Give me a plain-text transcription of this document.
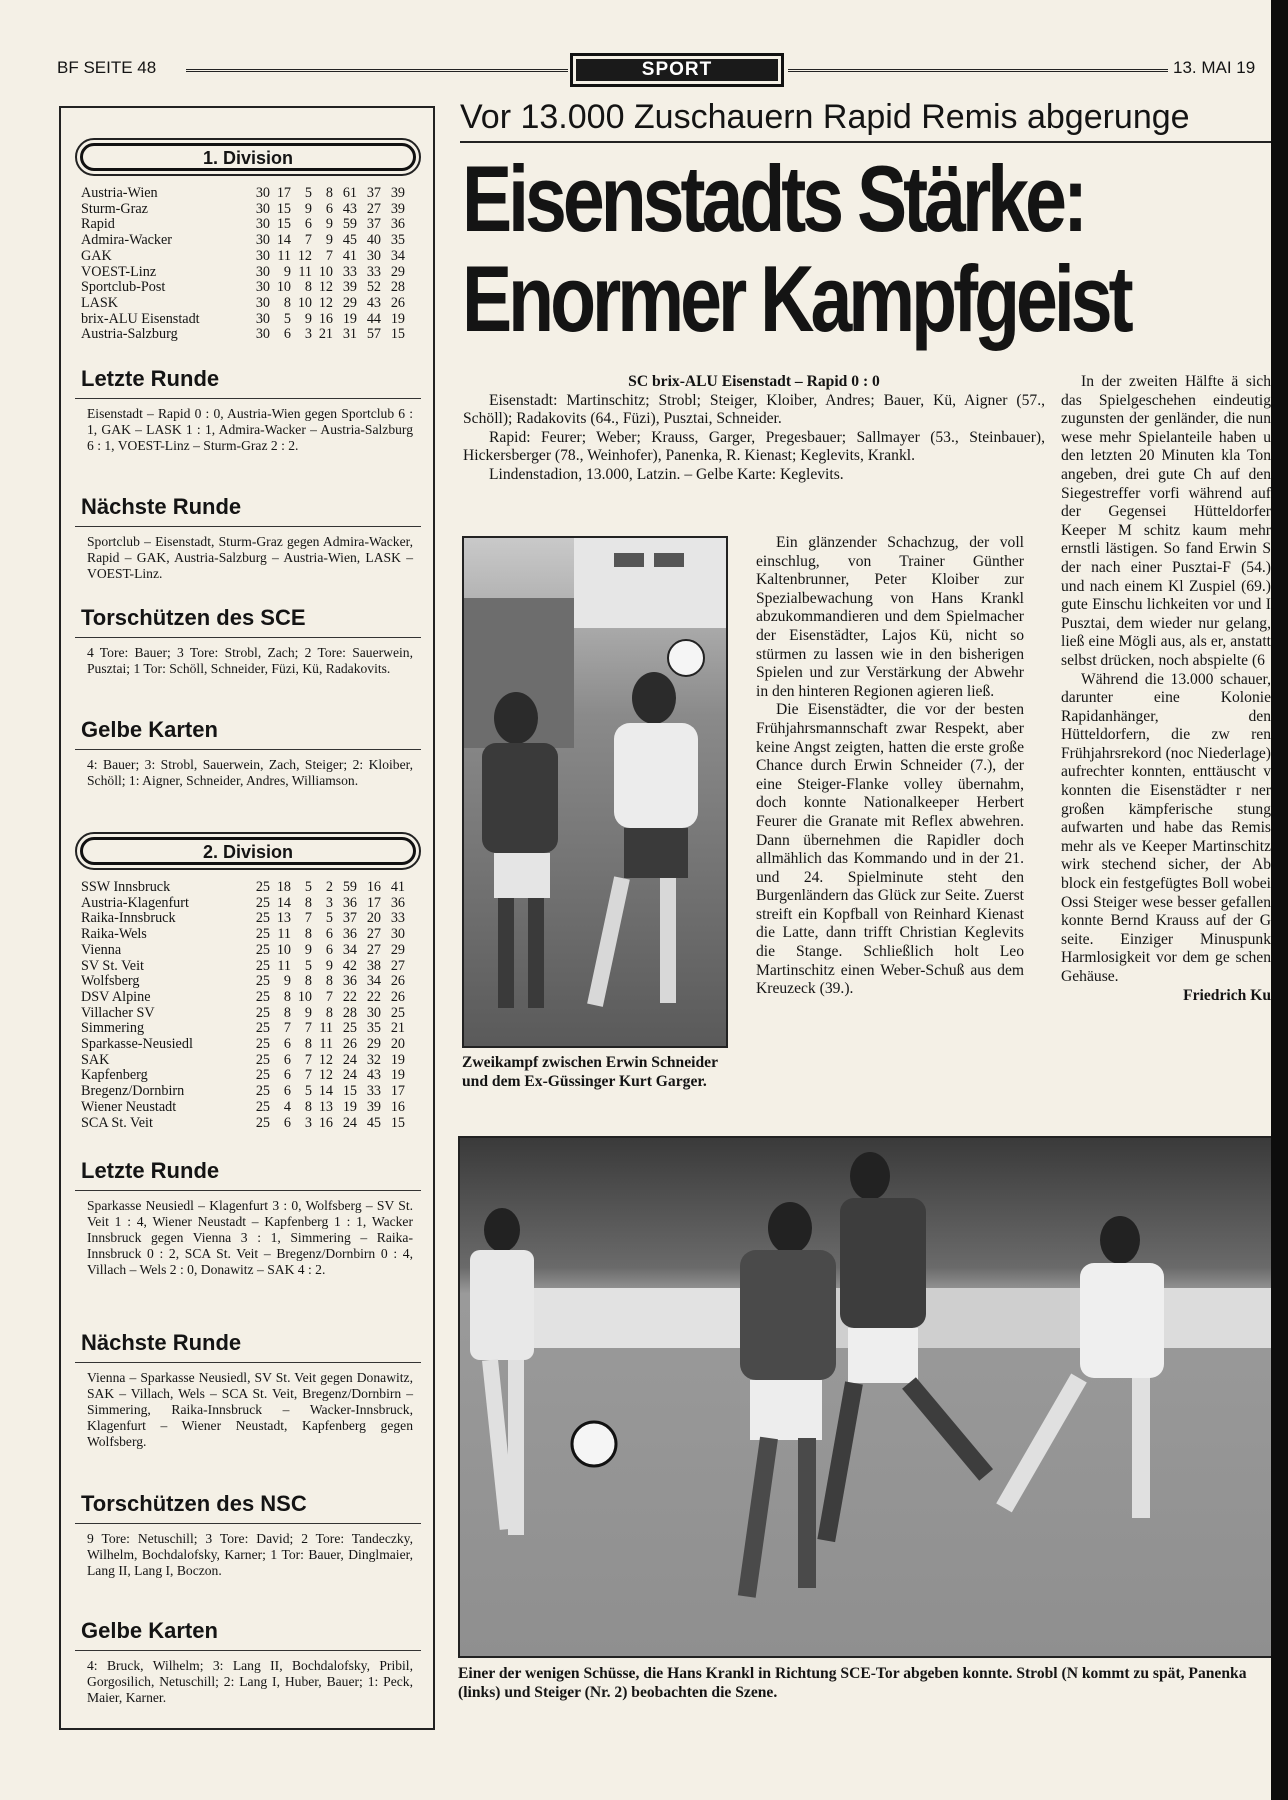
BF SEITE 48	SPORT	13. MAI 19
1. Division
Austria-Wien	30 17 5 8 61 37 39
Sturm-Graz	30 15 9 6 43 27 39
Rapid	30 15 6 9 59 37 36
Admira-Wacker	30 14 7 9 45 40 35
GAK	30 11 12 7 41 30 34
VOEST-Linz	30 9 11 10 33 33 29
Sportclub-Post	30 10 8 12 39 52 28
LASK	30 8 10 12 29 43 26
brix-ALU Eisenstadt	30 5 9 16 19 44 19
Austria-Salzburg	30 6 3 21 31 57 15
Letzte Runde
Eisenstadt – Rapid 0 : 0, Austria-Wien gegen Sportclub 6 : 1, GAK – LASK 1 : 1, Admira-Wacker – Austria-Salzburg 6 : 1, VOEST-Linz – Sturm-Graz 2 : 2.
Nächste Runde
Sportclub – Eisenstadt, Sturm-Graz gegen Admira-Wacker, Rapid – GAK, Austria-Salzburg – Austria-Wien, LASK – VOEST-Linz.
Torschützen des SCE
4 Tore: Bauer; 3 Tore: Strobl, Zach; 2 Tore: Sauerwein, Pusztai; 1 Tor: Schöll, Schneider, Füzi, Kü, Radakovits.
Gelbe Karten
4: Bauer; 3: Strobl, Sauerwein, Zach, Steiger; 2: Kloiber, Schöll; 1: Aigner, Schneider, Andres, Williamson.
2. Division
SSW Innsbruck	25 18 5 2 59 16 41
Austria-Klagenfurt	25 14 8 3 36 17 36
Raika-Innsbruck	25 13 7 5 37 20 33
Raika-Wels	25 11 8 6 36 27 30
Vienna	25 10 9 6 34 27 29
SV St. Veit	25 11 5 9 42 38 27
Wolfsberg	25 9 8 8 36 34 26
DSV Alpine	25 8 10 7 22 22 26
Villacher SV	25 8 9 8 28 30 25
Simmering	25 7 7 11 25 35 21
Sparkasse-Neusiedl	25 6 8 11 26 29 20
SAK	25 6 7 12 24 32 19
Kapfenberg	25 6 7 12 24 43 19
Bregenz/Dornbirn	25 6 5 14 15 33 17
Wiener Neustadt	25 4 8 13 19 39 16
SCA St. Veit	25 6 3 16 24 45 15
Letzte Runde
Sparkasse Neusiedl – Klagenfurt 3 : 0, Wolfsberg – SV St. Veit 1 : 4, Wiener Neustadt – Kapfenberg 1 : 1, Wacker Innsbruck gegen Vienna 3 : 1, Simmering – Raika-Innsbruck 0 : 2, SCA St. Veit – Bregenz/Dornbirn 0 : 4, Villach – Wels 2 : 0, Donawitz – SAK 4 : 2.
Nächste Runde
Vienna – Sparkasse Neusiedl, SV St. Veit gegen Donawitz, SAK – Villach, Wels – SCA St. Veit, Bregenz/Dornbirn – Simmering, Raika-Innsbruck – Wacker-Innsbruck, Klagenfurt – Wiener Neustadt, Kapfenberg gegen Wolfsberg.
Torschützen des NSC
9 Tore: Netuschill; 3 Tore: David; 2 Tore: Tandeczky, Wilhelm, Bochdalofsky, Karner; 1 Tor: Bauer, Dinglmaier, Lang II, Lang I, Boczon.
Gelbe Karten
4: Bruck, Wilhelm; 3: Lang II, Bochdalofsky, Pribil, Gorgosilich, Netuschill; 2: Lang I, Huber, Bauer; 1: Peck, Maier, Karner.
Vor 13.000 Zuschauern Rapid Remis abgerunge
Eisenstadts Stärke:
Enormer Kampfgeist

SC brix-ALU Eisenstadt – Rapid 0 : 0

Eisenstadt: Martinschitz; Strobl; Steiger, Kloiber, Andres; Bauer, Kü, Aigner (57., Schöll); Radakovits (64., Füzi), Pusztai, Schneider.

Rapid: Feurer; Weber; Krauss, Garger, Pregesbauer; Sallmayer (53., Steinbauer), Hickersberger (78., Weinhofer), Panenka, R. Kienast; Keglevits, Krankl.

Lindenstadion, 13.000, Latzin. – Gelbe Karte: Keglevits.

Zweikampf zwischen Erwin Schneider und dem Ex-Güssinger Kurt Garger.

Ein glänzender Schachzug, der voll einschlug, von Trainer Günther Kaltenbrunner, Peter Kloiber zur Spezialbewachung von Hans Krankl abzukommandieren und dem Spielmacher der Eisenstädter, Lajos Kü, nicht so stürmen zu lassen wie in den bisherigen Spielen und zur Verstärkung der Abwehr in den hinteren Regionen agieren ließ.

Die Eisenstädter, die vor der besten Frühjahrsmannschaft zwar Respekt, aber keine Angst zeigten, hatten die erste große Chance durch Erwin Schneider (7.), der eine Steiger-Flanke volley übernahm, doch konnte Nationalkeeper Herbert Feurer die Granate mit Reflex abwehren. Dann übernehmen die Rapidler doch allmählich das Kommando und in der 21. und 24. Spielminute steht den Burgenländern das Glück zur Seite. Zuerst streift ein Kopfball von Reinhard Kienast die Latte, dann trifft Christian Keglevits die Stange. Schließlich holt Leo Martinschitz einen Weber-Schuß aus dem Kreuzeck (39.).

In der zweiten Hälfte ä sich das Spielgeschehen eindeutig zugunsten der genländer, die nun wese mehr Spielanteile haben u den letzten 20 Minuten kla Ton angeben, drei gute Ch auf den Siegestreffer vorfi während auf der Gegensei Hütteldorfer Keeper M schitz kaum mehr ernstli lästigen. So fand Erwin S der nach einer Pusztai-F (54.) und nach einem Kl Zuspiel (69.) gute Einschu lichkeiten vor und I Pusztai, dem wieder nur gelang, ließ eine Mögli aus, als er, anstatt selbst drücken, noch abspielte (6

Während die 13.000 schauer, darunter eine Kolonie Rapidanhänger, den Hütteldorfern, die zw ren Frühjahrsrekord (noc Niederlage) aufrechter konnten, enttäuscht v konnten die Eisenstädter r ner großen kämpferische stung aufwarten und habe das Remis mehr als ve Keeper Martinschitz wirk stechend sicher, der Ab block ein festgefügtes Boll wobei Ossi Steiger wese besser gefallen konnte Bernd Krauss auf der G seite. Einziger Minuspunk Harmlosigkeit vor dem ge schen Gehäuse.

Friedrich Ku
Einer der wenigen Schüsse, die Hans Krankl in Richtung SCE-Tor abgeben konnte. Strobl (N kommt zu spät, Panenka (links) und Steiger (Nr. 2) beobachten die Szene.
